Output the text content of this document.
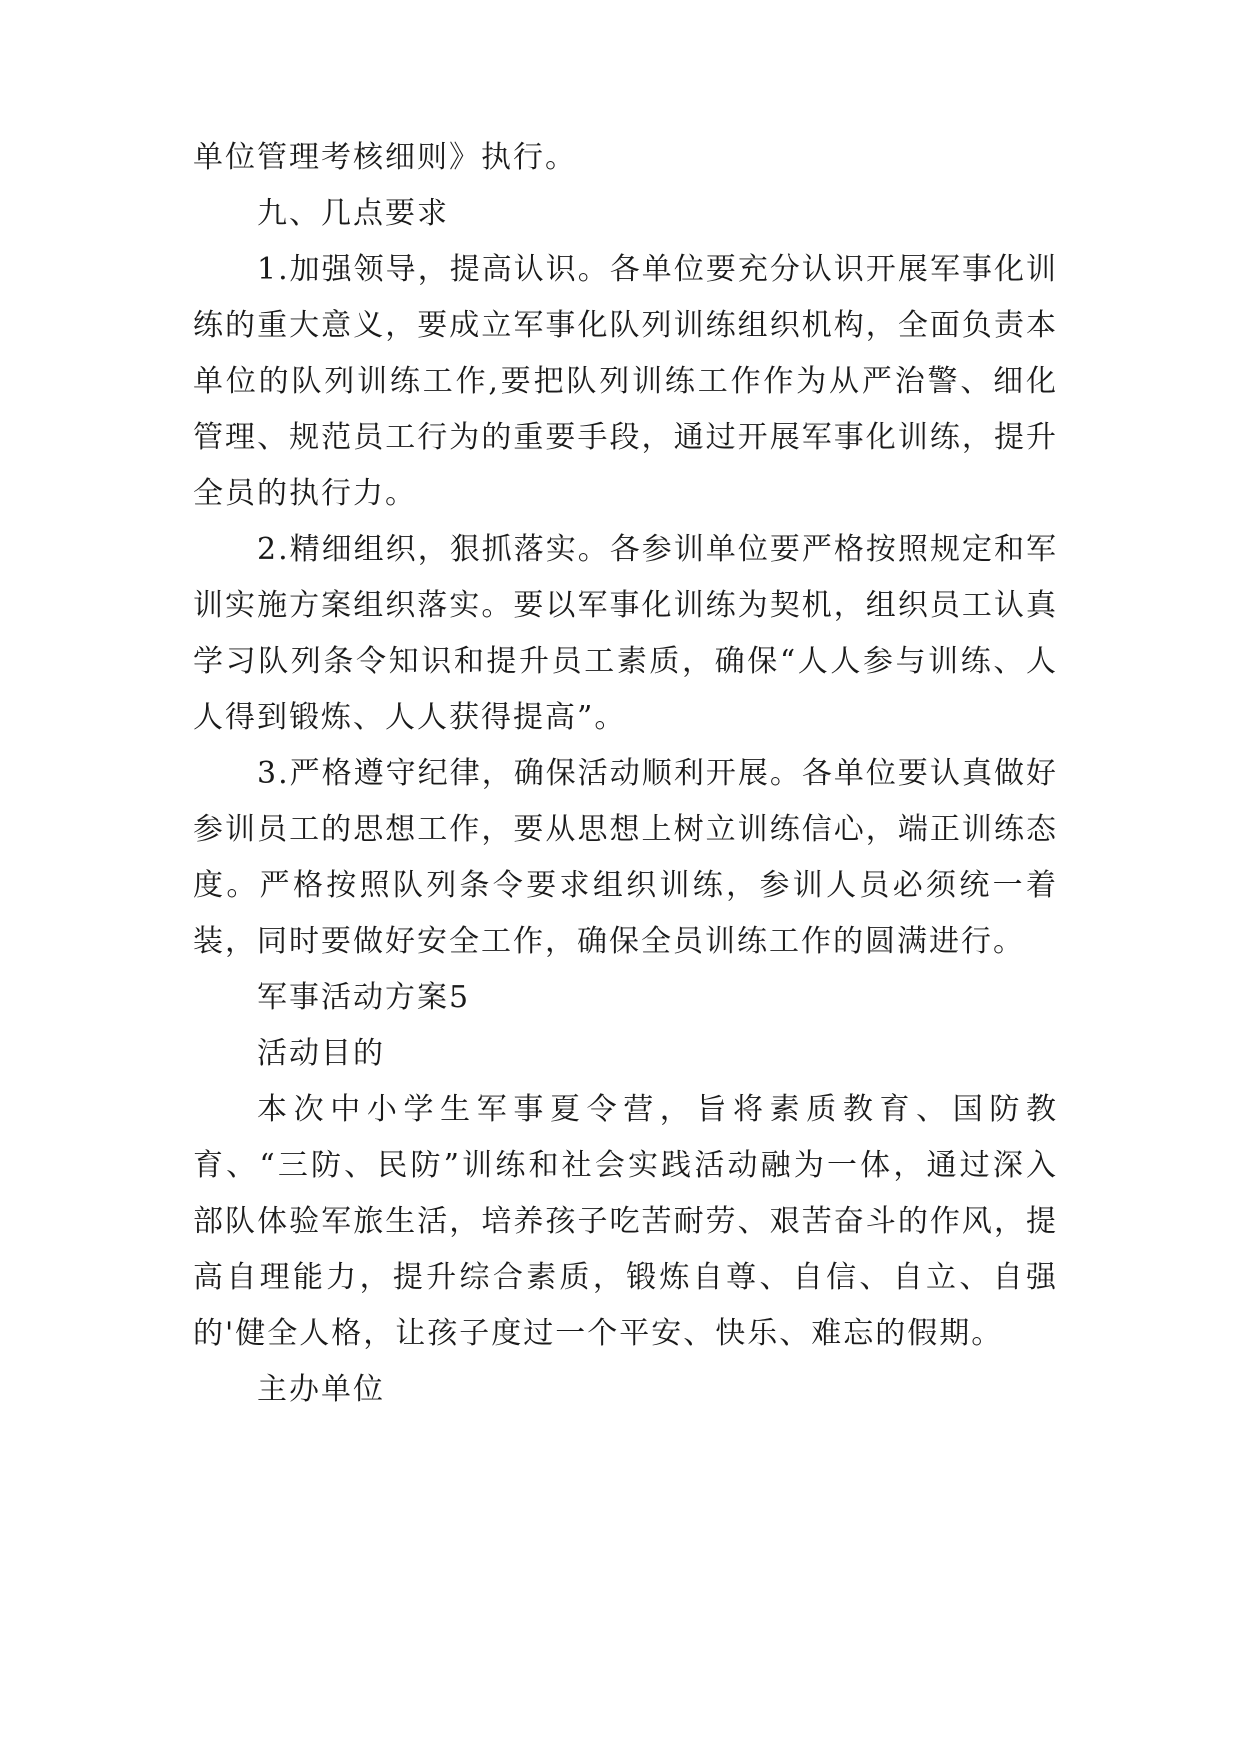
单位管理考核细则》执行。

九、几点要求

1.加强领导，提高认识。各单位要充分认识开展军事化训练的重大意义，要成立军事化队列训练组织机构，全面负责本单位的队列训练工作,要把队列训练工作作为从严治警、细化管理、规范员工行为的重要手段，通过开展军事化训练，提升全员的执行力。

2.精细组织，狠抓落实。各参训单位要严格按照规定和军训实施方案组织落实。要以军事化训练为契机，组织员工认真学习队列条令知识和提升员工素质，确保“人人参与训练、人人得到锻炼、人人获得提高”。

3.严格遵守纪律，确保活动顺利开展。各单位要认真做好参训员工的思想工作，要从思想上树立训练信心，端正训练态度。严格按照队列条令要求组织训练，参训人员必须统一着装，同时要做好安全工作，确保全员训练工作的圆满进行。

军事活动方案5

活动目的

本次中小学生军事夏令营，旨将素质教育、国防教育、“三防、民防”训练和社会实践活动融为一体，通过深入部队体验军旅生活，培养孩子吃苦耐劳、艰苦奋斗的作风，提高自理能力，提升综合素质，锻炼自尊、自信、自立、自强的'健全人格，让孩子度过一个平安、快乐、难忘的假期。

主办单位
